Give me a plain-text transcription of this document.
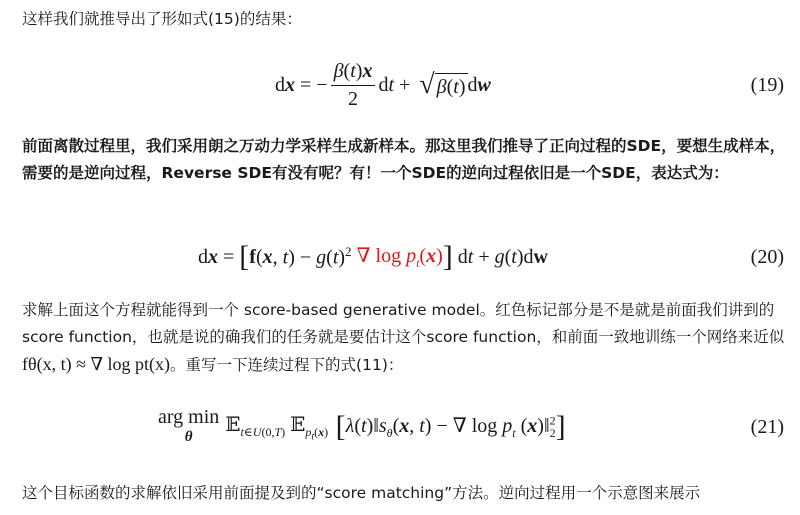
这样我们就推导出了形如式(15)的结果：
d x = − $\frac{\beta(t)x}{2}$ dt + √ β(t) d w	(19)
前面离散过程里，我们采用朗之万动力学采样生成新样本。那这里我们推导了正向过程的SDE，要想生成样本，需要的是逆向过程，Reverse SDE有没有呢？有！一个SDE的逆向过程依旧是一个SDE，表达式为：
d x = [ f ( x , $t) - g(t)^2$ ∇ $\log p_t(x)$ ] dt + g(t)d w	(20)
求解上面这个方程就能得到一个 score-based generative model。红色标记部分是不是就是前面我们讲到的score function，也就是说的确我们的任务就是要估计这个score function，和前面一致地训练一个网络来近似 fθ(x, t) ≈ ∇ log pt(x)。重写一下连续过程下的式(11)：
arg min
θ
𝔼$_{t\in U(0,T)}$ 𝔼$_{p_t(x)}$ [ $\lambda(t)‖s_\theta(x$, t) − ∇ $\log p_t$ (x)‖$^2_2$ ]	(21)
这个目标函数的求解依旧采用前面提及到的“score matching”方法。逆向过程用一个示意图来展示
